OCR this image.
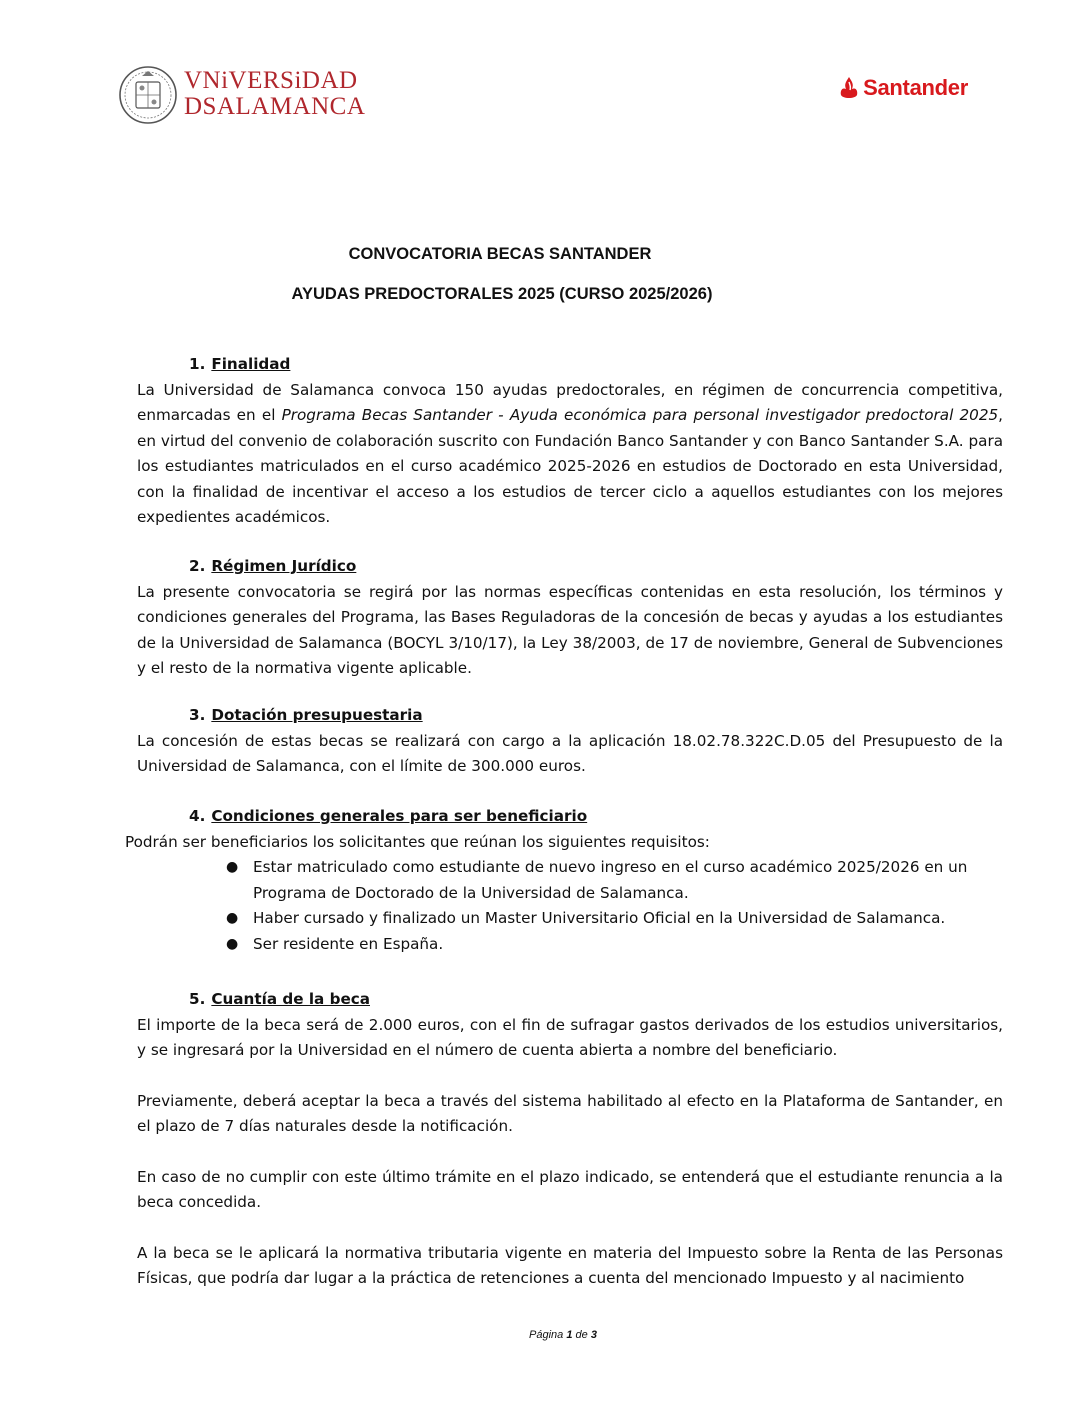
VNiVERSiDAD
DSALAMANCA
Santander
CONVOCATORIA BECAS SANTANDER
AYUDAS PREDOCTORALES 2025 (CURSO 2025/2026)
1. Finalidad

La Universidad de Salamanca convoca 150 ayudas predoctorales, en régimen de concurrencia competitiva, enmarcadas en el Programa Becas Santander - Ayuda económica para personal investigador predoctoral 2025, en virtud del convenio de colaboración suscrito con Fundación Banco Santander y con Banco Santander S.A. para los estudiantes matriculados en el curso académico 2025-2026 en estudios de Doctorado en esta Universidad, con la finalidad de incentivar el acceso a los estudios de tercer ciclo a aquellos estudiantes con los mejores expedientes académicos.

2. Régimen Jurídico

La presente convocatoria se regirá por las normas específicas contenidas en esta resolución, los términos y condiciones generales del Programa, las Bases Reguladoras de la concesión de becas y ayudas a los estudiantes de la Universidad de Salamanca (BOCYL 3/10/17), la Ley 38/2003, de 17 de noviembre, General de Subvenciones y el resto de la normativa vigente aplicable.

3. Dotación presupuestaria

La concesión de estas becas se realizará con cargo a la aplicación 18.02.78.322C.D.05 del Presupuesto de la Universidad de Salamanca, con el límite de 300.000 euros.

4. Condiciones generales para ser beneficiario

Podrán ser beneficiarios los solicitantes que reúnan los siguientes requisitos:

● Estar matriculado como estudiante de nuevo ingreso en el curso académico 2025/2026 en un Programa de Doctorado de la Universidad de Salamanca.
● Haber cursado y finalizado un Master Universitario Oficial en la Universidad de Salamanca.
● Ser residente en España.
5. Cuantía de la beca

El importe de la beca será de 2.000 euros, con el fin de sufragar gastos derivados de los estudios universitarios, y se ingresará por la Universidad en el número de cuenta abierta a nombre del beneficiario.

Previamente, deberá aceptar la beca a través del sistema habilitado al efecto en la Plataforma de Santander, en el plazo de 7 días naturales desde la notificación.

En caso de no cumplir con este último trámite en el plazo indicado, se entenderá que el estudiante renuncia a la beca concedida.

A la beca se le aplicará la normativa tributaria vigente en materia del Impuesto sobre la Renta de las Personas Físicas, que podría dar lugar a la práctica de retenciones a cuenta del mencionado Impuesto y al nacimiento

Página 1 de 3
